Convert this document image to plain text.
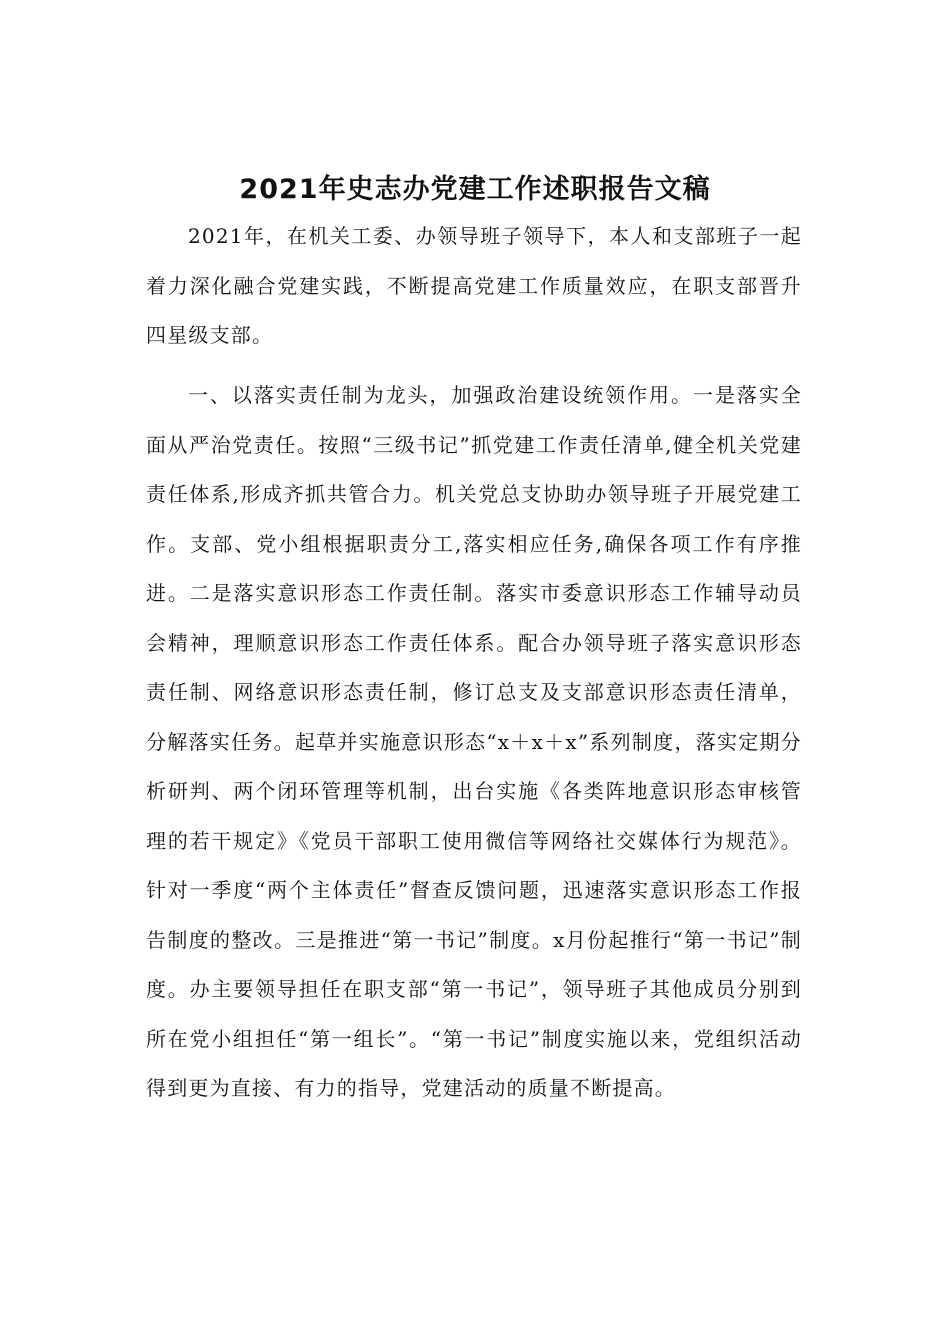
2021年史志办党建工作述职报告文稿

2021年，在机关工委、办领导班子领导下，本人和支部班子一起着力深化融合党建实践，不断提高党建工作质量效应，在职支部晋升四星级支部。

一、以落实责任制为龙头，加强政治建设统领作用。一是落实全面从严治党责任。按照“三级书记”抓党建工作责任清单,健全机关党建责任体系,形成齐抓共管合力。机关党总支协助办领导班子开展党建工作。支部、党小组根据职责分工,落实相应任务,确保各项工作有序推进。二是落实意识形态工作责任制。落实市委意识形态工作辅导动员会精神，理顺意识形态工作责任体系。配合办领导班子落实意识形态责任制、网络意识形态责任制，修订总支及支部意识形态责任清单，分解落实任务。起草并实施意识形态“x＋x＋x”系列制度，落实定期分析研判、两个闭环管理等机制，出台实施《各类阵地意识形态审核管理的若干规定》《党员干部职工使用微信等网络社交媒体行为规范》。针对一季度“两个主体责任”督查反馈问题，迅速落实意识形态工作报告制度的整改。三是推进“第一书记”制度。x月份起推行“第一书记”制度。办主要领导担任在职支部“第一书记”，领导班子其他成员分别到所在党小组担任“第一组长”。“第一书记”制度实施以来，党组织活动得到更为直接、有力的指导，党建活动的质量不断提高。
